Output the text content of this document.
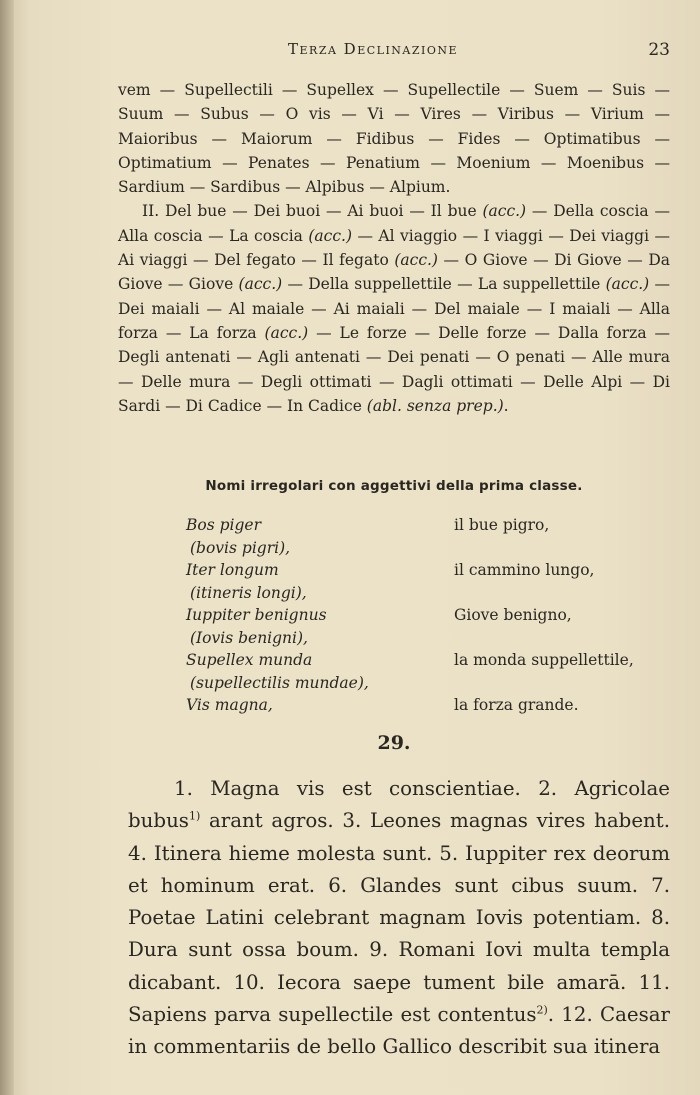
Terza Declinazione	23

vem — Supellectili — Supellex — Supellectile — Suem — Suis — Suum — Subus — O vis — Vi — Vires — Viribus — Virium — Maioribus — Maiorum — Fidibus — Fides — Optimatibus — Optimatium — Penates — Penatium — Moenium — Moenibus — Sardium — Sardibus — Alpibus — Alpium.

II. Del bue — Dei buoi — Ai buoi — Il bue (acc.) — Della coscia — Alla coscia — La coscia (acc.) — Al viaggio — I viaggi — Dei viaggi — Ai viaggi — Del fegato — Il fegato (acc.) — O Giove — Di Giove — Da Giove — Giove (acc.) — Della suppellettile — La suppellettile (acc.) — Dei maiali — Al maiale — Ai maiali — Del maiale — I maiali — Alla forza — La forza (acc.) — Le forze — Delle forze — Dalla forza — Degli antenati — Agli antenati — Dei penati — O penati — Alle mura — Delle mura — Degli ottimati — Dagli ottimati — Delle Alpi — Di Sardi — Di Cadice — In Cadice (abl. senza prep.).

Nomi irregolari con aggettivi della prima classe.
Bos piger
(bovis pigri),
il bue pigro,
Iter longum
(itineris longi),
il cammino lungo,
Iuppiter benignus
(Iovis benigni),
Giove benigno,
Supellex munda
(supellectilis mundae),
la monda suppellettile,
Vis magna,	la forza grande.
29.

1. Magna vis est conscientiae. 2. Agricolae bubus$^{1)}$ arant agros. 3. Leones magnas vires habent. 4. Itinera hieme molesta sunt. 5. Iuppiter rex deorum et hominum erat. 6. Glandes sunt cibus suum. 7. Poetae Latini celebrant magnam Iovis potentiam. 8. Dura sunt ossa boum. 9. Romani Iovi multa templa dicabant. 10. Iecora saepe tument bile amarā. 11. Sapiens parva supellectile est contentus$^{2)}$. 12. Caesar in commentariis de bello Gallico describit sua itinera
